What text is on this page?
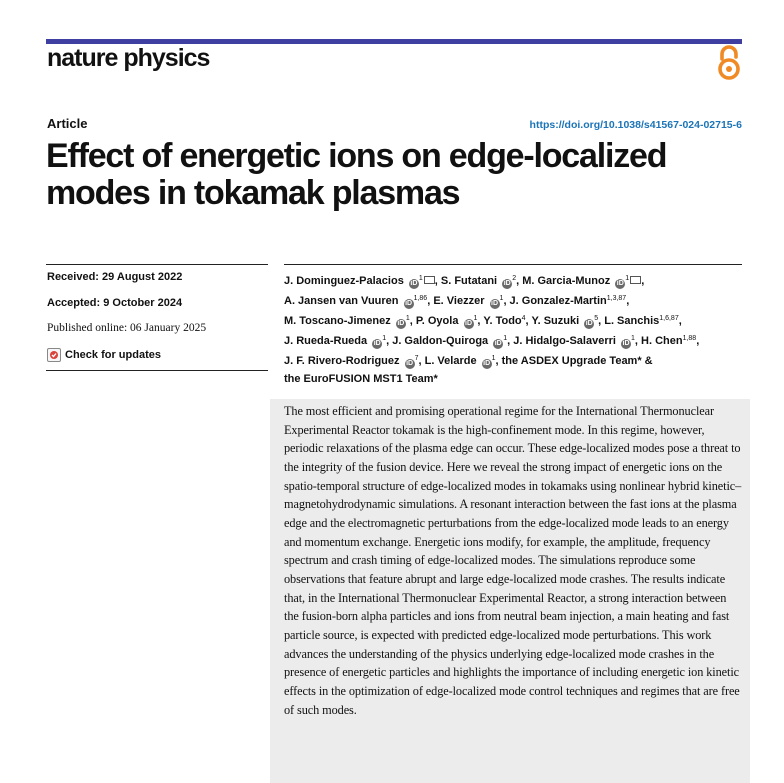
nature physics
Article	https://doi.org/10.1038/s41567-024-02715-6
Effect of energetic ions on edge-localized
modes in tokamak plasmas
Received: 29 August 2022
Accepted: 9 October 2024
Published online: 06 January 2025
Check for updates
J. Dominguez-Palacios $iD^1$ , S. Futatani $iD^2$, M. Garcia-Munoz $iD^1$ ,
A. Jansen van Vuuren iD$^{1,86}$, E. Viezzer $iD^1$, J. Gonzalez-Martin$^{1,3,87}$,
M. Toscano-Jimenez $iD^1$, P. Oyola $iD^1$, Y. Todo$^4$, Y. Suzuki $iD^5$, L. Sanchis$^{1,6,87}$,
J. Rueda-Rueda $iD^1$, J. Galdon-Quiroga $iD^1$, J. Hidalgo-Salaverri $iD^1$, H. Chen$^{1,88}$,
J. F. Rivero-Rodriguez $iD^7$, L. Velarde $iD^1$, the ASDEX Upgrade Team* &
the EuroFUSION MST1 Team*
The most efficient and promising operational regime for the International Thermonuclear Experimental Reactor tokamak is the high-confinement mode. In this regime, however, periodic relaxations of the plasma edge can occur. These edge-localized modes pose a threat to the integrity of the fusion device. Here we reveal the strong impact of energetic ions on the spatio-temporal structure of edge-localized modes in tokamaks using nonlinear hybrid kinetic–magnetohydrodynamic simulations. A resonant interaction between the fast ions at the plasma edge and the electromagnetic perturbations from the edge-localized mode leads to an energy and momentum exchange. Energetic ions modify, for example, the amplitude, frequency spectrum and crash timing of edge-localized modes. The simulations reproduce some observations that feature abrupt and large edge-localized mode crashes. The results indicate that, in the International Thermonuclear Experimental Reactor, a strong interaction between the fusion-born alpha particles and ions from neutral beam injection, a main heating and fast particle source, is expected with predicted edge-localized mode perturbations. This work advances the understanding of the physics underlying edge-localized mode crashes in the presence of energetic particles and highlights the importance of including energetic ion kinetic effects in the optimization of edge-localized mode control techniques and regimes that are free of such modes.
